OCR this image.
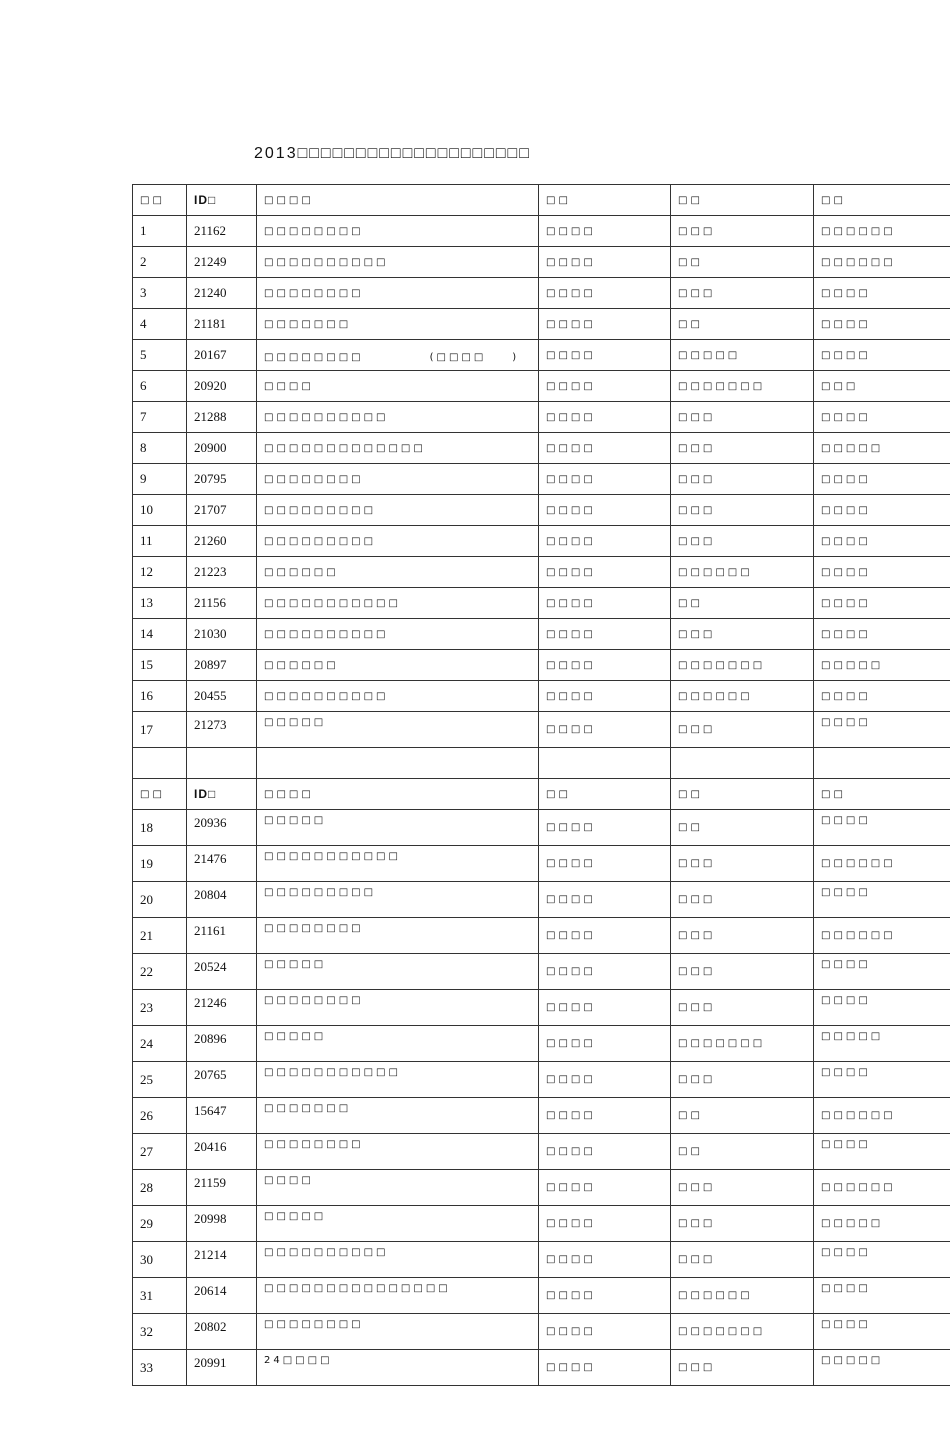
2013□□□□□□□□□□□□□□□□□□□□
□□	ID□	□□□□	□□	□□	□□
1	21162	□□□□□□□□	□□□□	□□□	□□□□□□
2	21249	□□□□□□□□□□	□□□□	□□	□□□□□□
3	21240	□□□□□□□□	□□□□	□□□	□□□□
4	21181	□□□□□□□	□□□□	□□	□□□□
5	20167	□□□□□□□□ (□□□□　　)	□□□□	□□□□□	□□□□
6	20920	□□□□	□□□□	□□□□□□□	□□□
7	21288	□□□□□□□□□□	□□□□	□□□	□□□□
8	20900	□□□□□□□□□□□□□	□□□□	□□□	□□□□□
9	20795	□□□□□□□□	□□□□	□□□	□□□□
10	21707	□□□□□□□□□	□□□□	□□□	□□□□
11	21260	□□□□□□□□□	□□□□	□□□	□□□□
12	21223	□□□□□□	□□□□	□□□□□□	□□□□
13	21156	□□□□□□□□□□□	□□□□	□□	□□□□
14	21030	□□□□□□□□□□	□□□□	□□□	□□□□
15	20897	□□□□□□	□□□□	□□□□□□□	□□□□□
16	20455	□□□□□□□□□□	□□□□	□□□□□□	□□□□
17	21273	□□□□□	□□□□	□□□	□□□□

□□	ID□	□□□□	□□	□□	□□
18	20936	□□□□□	□□□□	□□	□□□□
19	21476	□□□□□□□□□□□	□□□□	□□□	□□□□□□
20	20804	□□□□□□□□□	□□□□	□□□	□□□□
21	21161	□□□□□□□□	□□□□	□□□	□□□□□□
22	20524	□□□□□	□□□□	□□□	□□□□
23	21246	□□□□□□□□	□□□□	□□□	□□□□
24	20896	□□□□□	□□□□	□□□□□□□	□□□□□
25	20765	□□□□□□□□□□□	□□□□	□□□	□□□□
26	15647	□□□□□□□	□□□□	□□	□□□□□□
27	20416	□□□□□□□□	□□□□	□□	□□□□
28	21159	□□□□	□□□□	□□□	□□□□□□
29	20998	□□□□□	□□□□	□□□	□□□□□
30	21214	□□□□□□□□□□	□□□□	□□□	□□□□
31	20614	□□□□□□□□□□□□□□□	□□□□	□□□□□□	□□□□
32	20802	□□□□□□□□	□□□□	□□□□□□□	□□□□
33	20991	24□□□□	□□□□	□□□	□□□□□
